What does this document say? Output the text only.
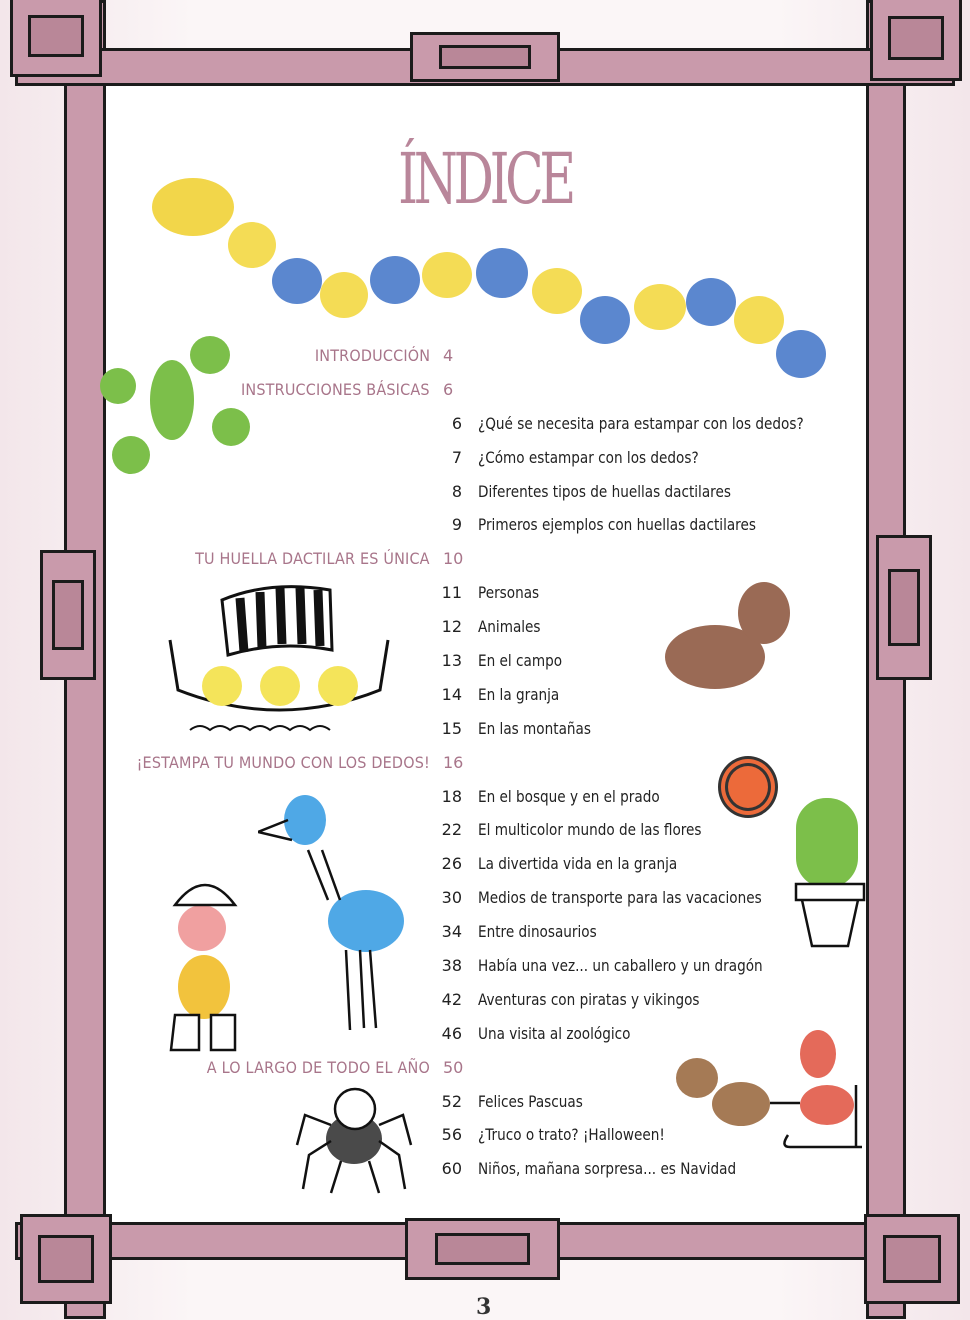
ÍNDICE
INTRODUCCIÓN 4
INSTRUCCIONES BÁSICAS 6
6 ¿Qué se necesita para estampar con los dedos?
7 ¿Cómo estampar con los dedos?
8 Diferentes tipos de huellas dactilares
9 Primeros ejemplos con huellas dactilares
TU HUELLA DACTILAR ES ÚNICA 10
11 Personas
12 Animales
13 En el campo
14 En la granja
15 En las montañas
¡ESTAMPA TU MUNDO CON LOS DEDOS! 16
18 En el bosque y en el prado
22 El multicolor mundo de las flores
26 La divertida vida en la granja
30 Medios de transporte para las vacaciones
34 Entre dinosaurios
38 Había una vez... un caballero y un dragón
42 Aventuras con piratas y vikingos
46 Una visita al zoológico
A LO LARGO DE TODO EL AÑO 50
52 Felices Pascuas
56 ¿Truco o trato? ¡Halloween!
60 Niños, mañana sorpresa... es Navidad
3
